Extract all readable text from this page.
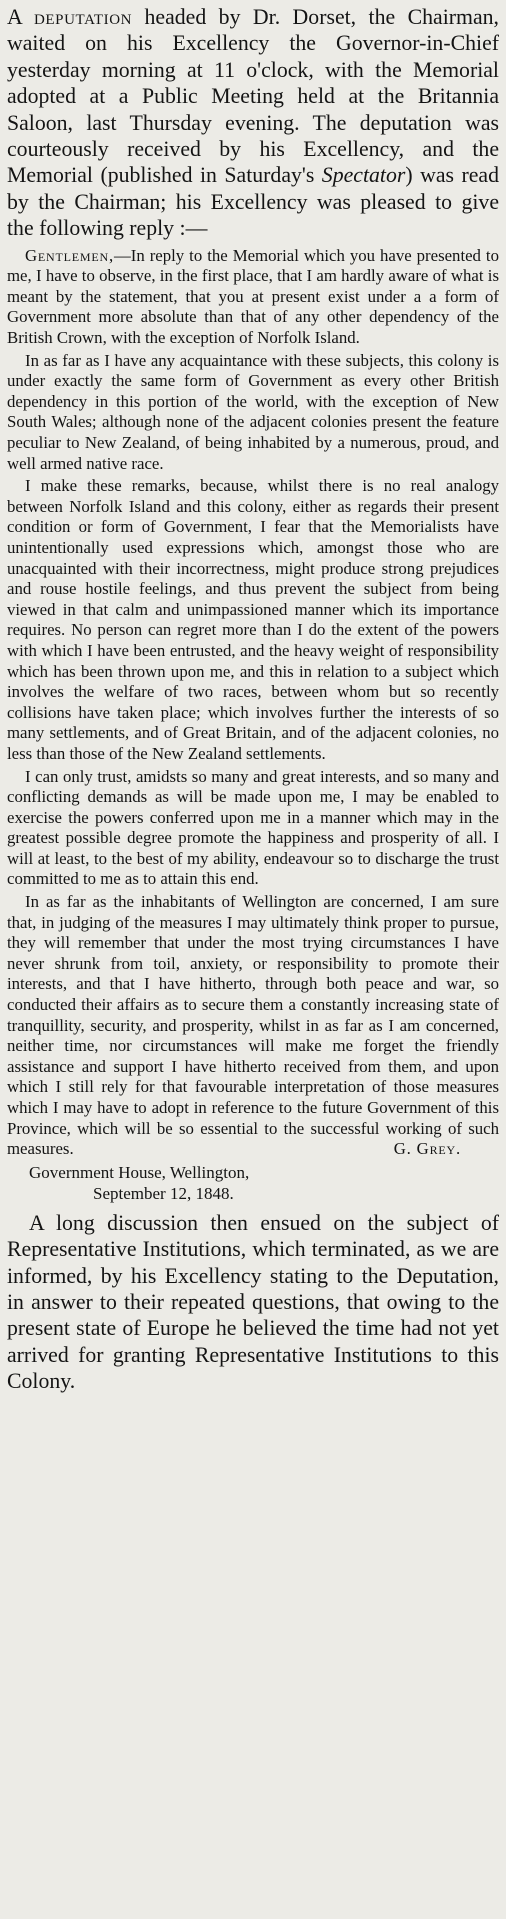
A deputation headed by Dr. Dorset, the Chairman, waited on his Excellency the Governor-in-Chief yesterday morning at 11 o'clock, with the Memorial adopted at a Public Meeting held at the Britannia Saloon, last Thursday evening. The deputation was courteously received by his Excellency, and the Memorial (published in Saturday's Spectator) was read by the Chairman; his Excellency was pleased to give the following reply :—

Gentlemen,—In reply to the Memorial which you have presented to me, I have to observe, in the first place, that I am hardly aware of what is meant by the statement, that you at present exist under a a form of Government more absolute than that of any other dependency of the British Crown, with the exception of Norfolk Island.

In as far as I have any acquaintance with these subjects, this colony is under exactly the same form of Government as every other British dependency in this portion of the world, with the exception of New South Wales; although none of the adjacent colonies present the feature peculiar to New Zealand, of being inhabited by a numerous, proud, and well armed native race.

I make these remarks, because, whilst there is no real analogy between Norfolk Island and this colony, either as regards their present condition or form of Government, I fear that the Memorialists have unintentionally used expressions which, amongst those who are unacquainted with their incorrectness, might produce strong prejudices and rouse hostile feelings, and thus prevent the subject from being viewed in that calm and unimpassioned manner which its importance requires. No person can regret more than I do the extent of the powers with which I have been entrusted, and the heavy weight of responsibility which has been thrown upon me, and this in relation to a subject which involves the welfare of two races, between whom but so recently collisions have taken place; which involves further the interests of so many settlements, and of Great Britain, and of the adjacent colonies, no less than those of the New Zealand settlements.

I can only trust, amidsts so many and great interests, and so many and conflicting demands as will be made upon me, I may be enabled to exercise the powers conferred upon me in a manner which may in the greatest possible degree promote the happiness and prosperity of all. I will at least, to the best of my ability, endeavour so to discharge the trust committed to me as to attain this end.

In as far as the inhabitants of Wellington are concerned, I am sure that, in judging of the measures I may ultimately think proper to pursue, they will remember that under the most trying circumstances I have never shrunk from toil, anxiety, or responsibility to promote their interests, and that I have hitherto, through both peace and war, so conducted their affairs as to secure them a constantly increasing state of tranquillity, security, and prosperity, whilst in as far as I am concerned, neither time, nor circumstances will make me forget the friendly assistance and support I have hitherto received from them, and upon which I still rely for that favourable interpretation of those measures which I may have to adopt in reference to the future Government of this Province, which will be so essential to the successful working of such measures.	G. Grey.

Government House, Wellington,
September 12, 1848.

A long discussion then ensued on the subject of Representative Institutions, which terminated, as we are informed, by his Excellency stating to the Deputation, in answer to their repeated questions, that owing to the present state of Europe he believed the time had not yet arrived for granting Representative Institutions to this Colony.
